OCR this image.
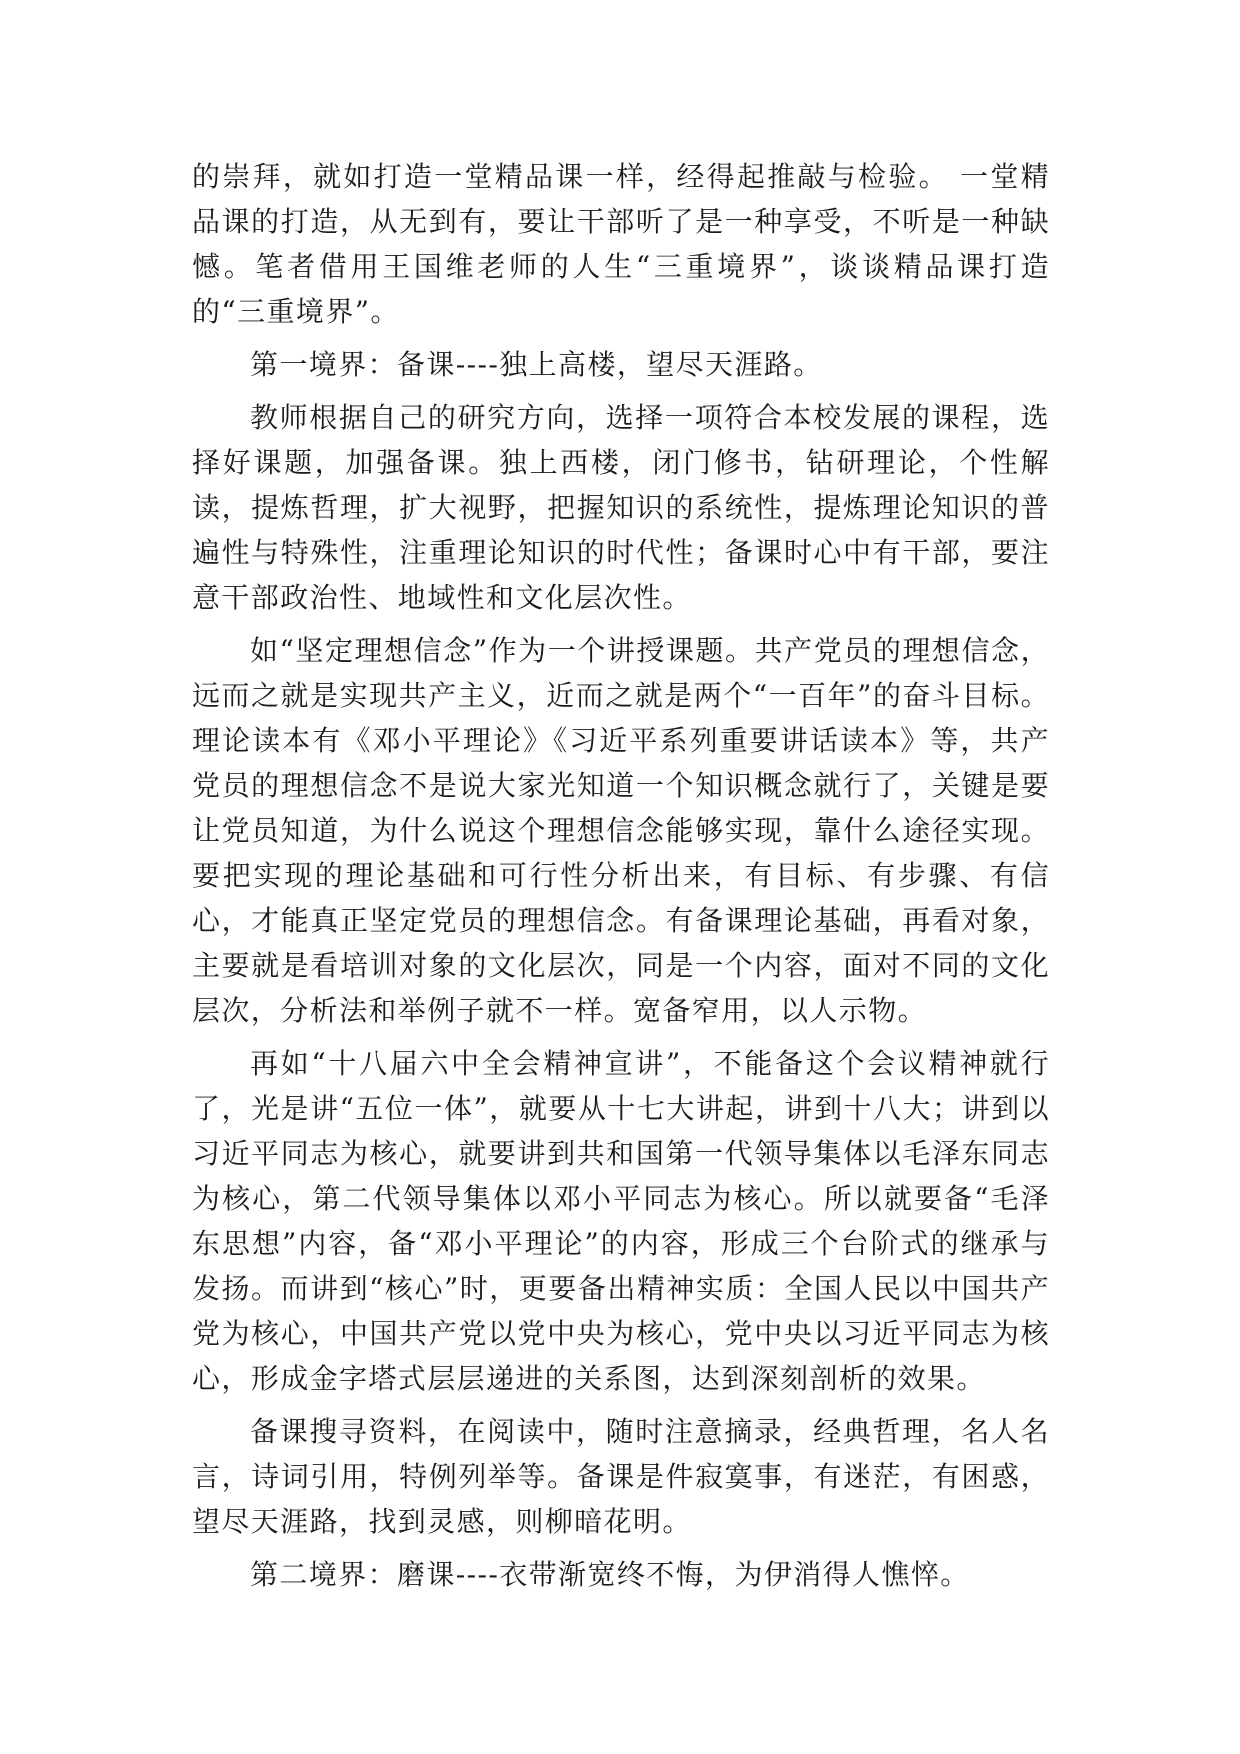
的崇拜，就如打造一堂精品课一样，经得起推敲与检验。 一堂精品课的打造，从无到有，要让干部听了是一种享受，不听是一种缺憾。笔者借用王国维老师的人生“三重境界”，谈谈精品课打造的“三重境界”。

第一境界：备课----独上高楼，望尽天涯路。

教师根据自己的研究方向，选择一项符合本校发展的课程，选择好课题，加强备课。独上西楼，闭门修书，钻研理论，个性解读，提炼哲理，扩大视野，把握知识的系统性，提炼理论知识的普遍性与特殊性，注重理论知识的时代性；备课时心中有干部，要注意干部政治性、地域性和文化层次性。

如“坚定理想信念”作为一个讲授课题。共产党员的理想信念，远而之就是实现共产主义，近而之就是两个“一百年”的奋斗目标。理论读本有《邓小平理论》《习近平系列重要讲话读本》等，共产党员的理想信念不是说大家光知道一个知识概念就行了，关键是要让党员知道，为什么说这个理想信念能够实现，靠什么途径实现。要把实现的理论基础和可行性分析出来，有目标、有步骤、有信心，才能真正坚定党员的理想信念。有备课理论基础，再看对象，主要就是看培训对象的文化层次，同是一个内容，面对不同的文化层次，分析法和举例子就不一样。宽备窄用，以人示物。

再如“十八届六中全会精神宣讲”，不能备这个会议精神就行了，光是讲“五位一体”，就要从十七大讲起，讲到十八大；讲到以习近平同志为核心，就要讲到共和国第一代领导集体以毛泽东同志为核心，第二代领导集体以邓小平同志为核心。所以就要备“毛泽东思想”内容，备“邓小平理论”的内容，形成三个台阶式的继承与发扬。而讲到“核心”时，更要备出精神实质：全国人民以中国共产党为核心，中国共产党以党中央为核心，党中央以习近平同志为核心，形成金字塔式层层递进的关系图，达到深刻剖析的效果。

备课搜寻资料，在阅读中，随时注意摘录，经典哲理，名人名言，诗词引用，特例列举等。备课是件寂寞事，有迷茫，有困惑，望尽天涯路，找到灵感，则柳暗花明。

第二境界：磨课----衣带渐宽终不悔，为伊消得人憔悴。
